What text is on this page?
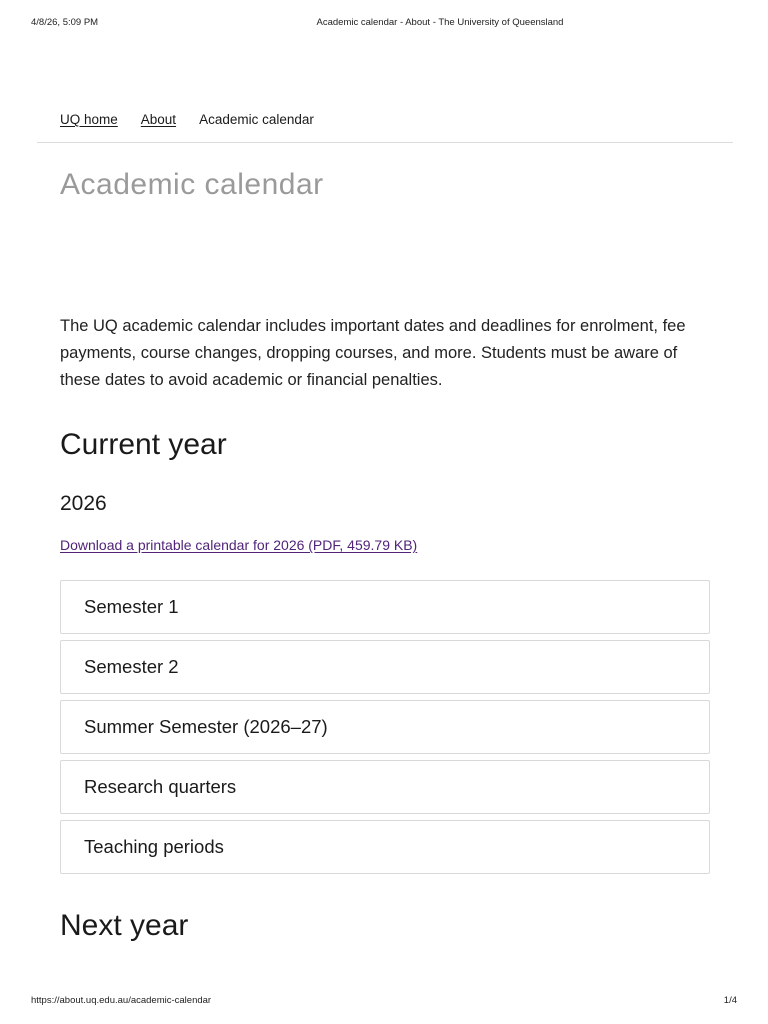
4/8/26, 5:09 PM	Academic calendar - About - The University of Queensland
UQ home About Academic calendar
Academic calendar

The UQ academic calendar includes important dates and deadlines for enrolment, fee payments, course changes, dropping courses, and more. Students must be aware of these dates to avoid academic or financial penalties.

Current year
2026
Download a printable calendar for 2026 (PDF, 459.79 KB)
Semester 1
Semester 2
Summer Semester (2026–27)
Research quarters
Teaching periods
Next year
https://about.uq.edu.au/academic-calendar	1/4
